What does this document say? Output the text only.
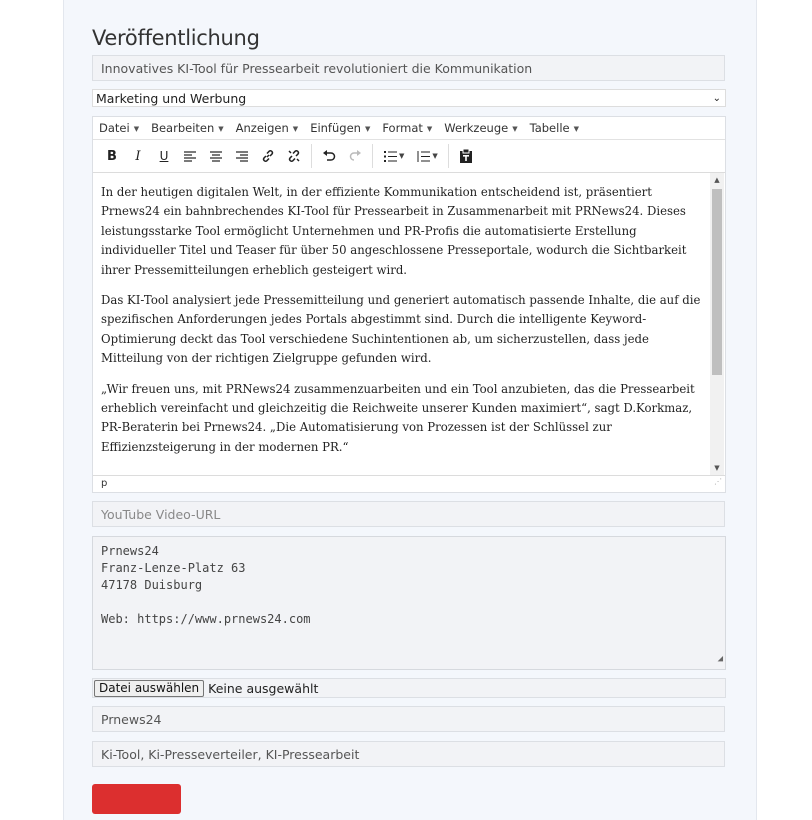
Veröffentlichung
Innovatives KI-Tool für Pressearbeit revolutioniert die Kommunikation
Marketing und Werbung	⌄
Datei ▼ Bearbeiten ▼ Anzeigen ▼ Einfügen ▼ Format ▼ Werkzeuge ▼ Tabelle ▼
B	I	U	▼	▼

In der heutigen digitalen Welt, in der effiziente Kommunikation entscheidend ist, präsentiert Prnews24 ein bahnbrechendes KI-Tool für Pressearbeit in Zusammenarbeit mit PRNews24. Dieses leistungsstarke Tool ermöglicht Unternehmen und PR-Profis die automatisierte Erstellung individueller Titel und Teaser für über 50 angeschlossene Presseportale, wodurch die Sichtbarkeit ihrer Pressemitteilungen erheblich gesteigert wird.

Das KI-Tool analysiert jede Pressemitteilung und generiert automatisch passende Inhalte, die auf die spezifischen Anforderungen jedes Portals abgestimmt sind. Durch die intelligente Keyword-Optimierung deckt das Tool verschiedene Suchintentionen ab, um sicherzustellen, dass jede Mitteilung von der richtigen Zielgruppe gefunden wird.

„Wir freuen uns, mit PRNews24 zusammenzuarbeiten und ein Tool anzubieten, das die Pressearbeit erheblich vereinfacht und gleichzeitig die Reichweite unserer Kunden maximiert“, sagt D.Korkmaz, PR-Beraterin bei Prnews24. „Die Automatisierung von Prozessen ist der Schlüssel zur Effizienzsteigerung in der modernen PR.“

▲
▼
p	⋰
YouTube Video-URL
Prnews24
Franz-Lenze-Platz 63
47178 Duisburg

Web: https://www.prnews24.com
◢
Datei auswählen Keine ausgewählt
Prnews24
Ki-Tool, Ki-Presseverteiler, KI-Pressearbeit
